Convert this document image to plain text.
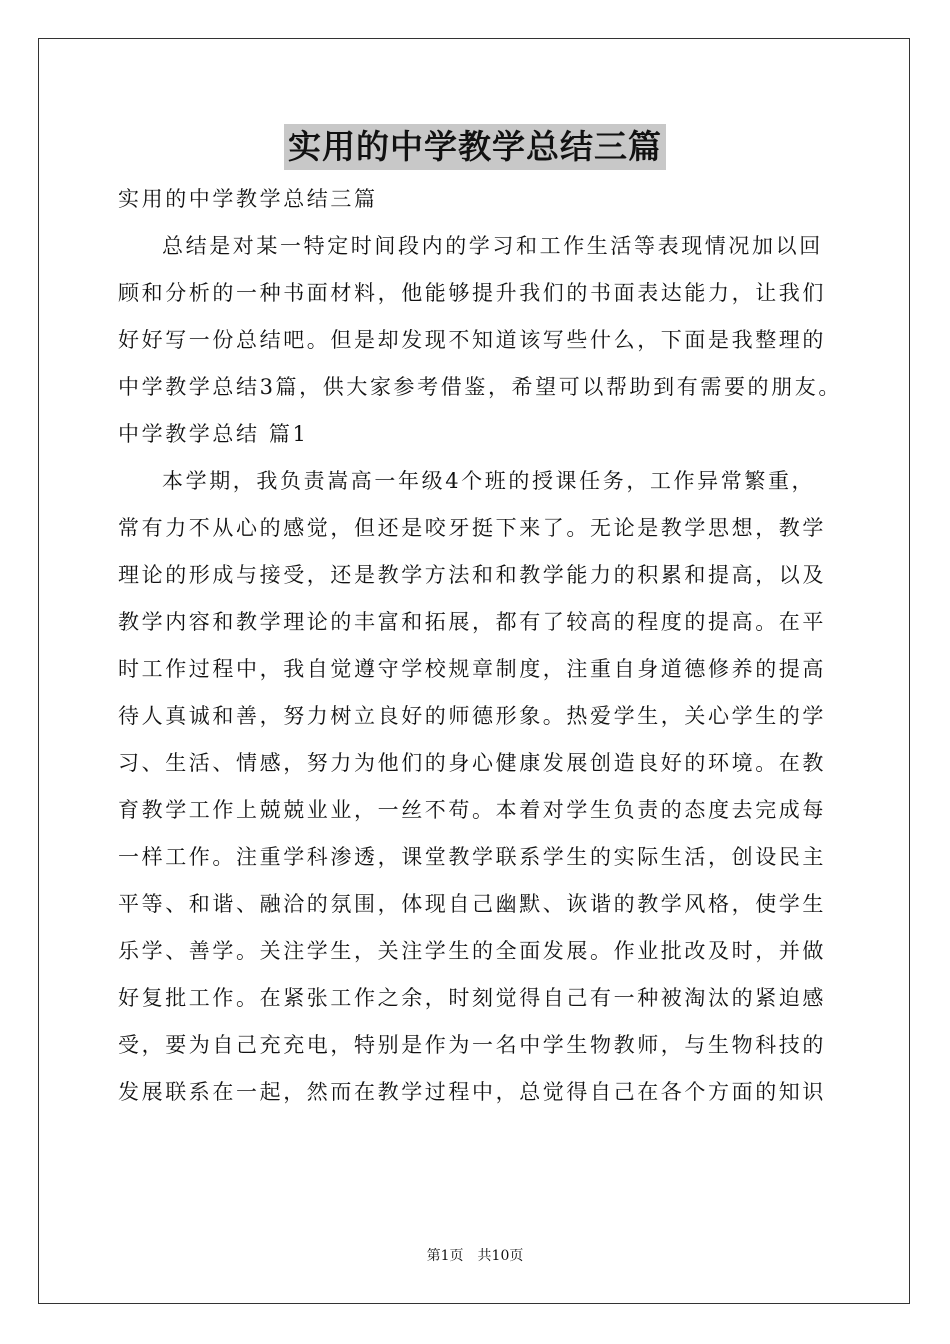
实用的中学教学总结三篇
实用的中学教学总结三篇
总结是对某一特定时间段内的学习和工作生活等表现情况加以回
顾和分析的一种书面材料，他能够提升我们的书面表达能力，让我们
好好写一份总结吧。但是却发现不知道该写些什么，下面是我整理的
中学教学总结3篇，供大家参考借鉴，希望可以帮助到有需要的朋友。
中学教学总结 篇1
本学期，我负责嵩高一年级4个班的授课任务，工作异常繁重，
常有力不从心的感觉，但还是咬牙挺下来了。无论是教学思想，教学
理论的形成与接受，还是教学方法和和教学能力的积累和提高，以及
教学内容和教学理论的丰富和拓展，都有了较高的程度的提高。在平
时工作过程中，我自觉遵守学校规章制度，注重自身道德修养的提高
待人真诚和善，努力树立良好的师德形象。热爱学生，关心学生的学
习、生活、情感，努力为他们的身心健康发展创造良好的环境。在教
育教学工作上兢兢业业，一丝不苟。本着对学生负责的态度去完成每
一样工作。注重学科渗透，课堂教学联系学生的实际生活，创设民主
平等、和谐、融洽的氛围，体现自己幽默、诙谐的教学风格，使学生
乐学、善学。关注学生，关注学生的全面发展。作业批改及时，并做
好复批工作。在紧张工作之余，时刻觉得自己有一种被淘汰的紧迫感
受，要为自己充充电，特别是作为一名中学生物教师，与生物科技的
发展联系在一起，然而在教学过程中，总觉得自己在各个方面的知识
第1页 共10页
